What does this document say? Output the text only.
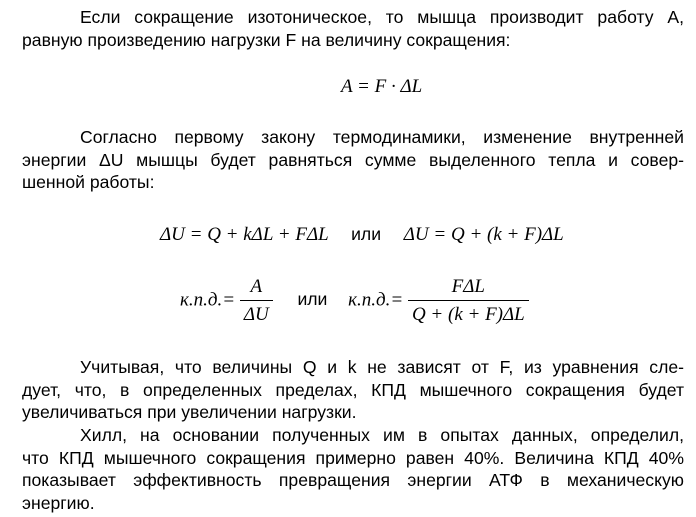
Если сокращение изотоническое, то мышца производит работу А,
равную произведению нагрузки F на величину сокращения:
A = F · ΔL
Согласно первому закону термодинамики, изменение внутренней
энергии ΔU мышцы будет равняться сумме выделенного тепла и совер-
шенной работы:
ΔU = Q + kΔL + FΔL или ΔU = Q + (k + F)ΔL
$к.п.д.= \frac{A}{\Delta U}$ или $к.п.д.= \frac{\text{FΔL}}{Q + (k + F)\Delta L}$
Учитывая, что величины Q и k не зависят от F, из уравнения сле-
дует, что, в определенных пределах, КПД мышечного сокращения будет
увеличиваться при увеличении нагрузки.
Хилл, на основании полученных им в опытах данных, определил,
что КПД мышечного сокращения примерно равен 40%. Величина КПД 40%
показывает эффективность превращения энергии АТФ в механическую
энергию.
